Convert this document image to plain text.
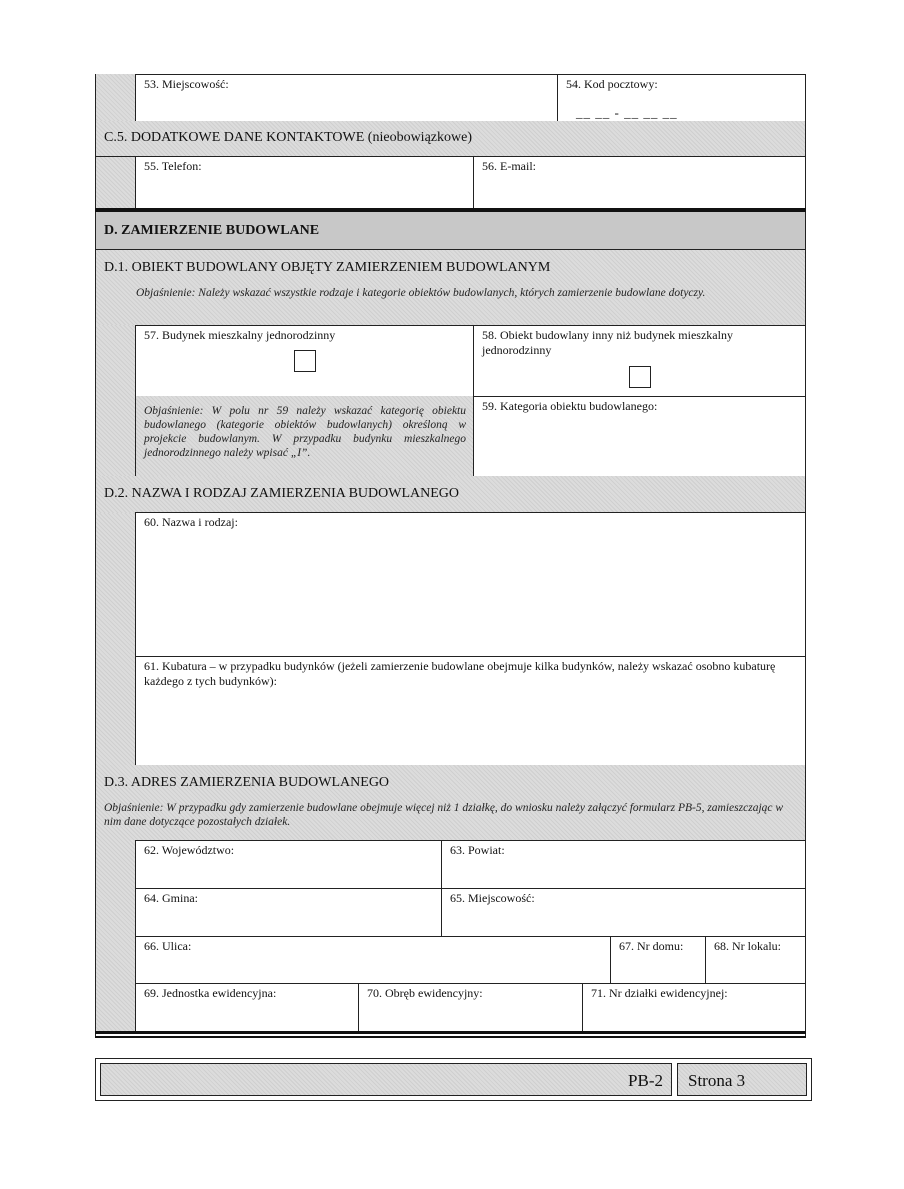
53. Miejscowość:	54. Kod pocztowy:
__ __ - __ __ __
C.5. DODATKOWE DANE KONTAKTOWE (nieobowiązkowe)
55. Telefon:	56. E-mail:
D. ZAMIERZENIE BUDOWLANE
D.1. OBIEKT BUDOWLANY OBJĘTY ZAMIERZENIEM BUDOWLANYM
Objaśnienie: Należy wskazać wszystkie rodzaje i kategorie obiektów budowlanych, których zamierzenie budowlane dotyczy.
57. Budynek mieszkalny jednorodzinny	58. Obiekt budowlany inny niż budynek mieszkalny jednorodzinny
Objaśnienie: W polu nr 59 należy wskazać kategorię obiektu budowlanego (kategorie obiektów budowlanych) określoną w projekcie budowlanym. W przypadku budynku mieszkalnego jednorodzinnego należy wpisać „I”.
59. Kategoria obiektu budowlanego:
D.2. NAZWA I RODZAJ ZAMIERZENIA BUDOWLANEGO
60. Nazwa i rodzaj:
61. Kubatura – w przypadku budynków (jeżeli zamierzenie budowlane obejmuje kilka budynków, należy wskazać osobno kubaturę każdego z tych budynków):
D.3. ADRES ZAMIERZENIA BUDOWLANEGO
Objaśnienie: W przypadku gdy zamierzenie budowlane obejmuje więcej niż 1 działkę, do wniosku należy załączyć formularz PB-5, zamieszczając w nim dane dotyczące pozostałych działek.
62. Województwo:	63. Powiat:
64. Gmina:	65. Miejscowość:
66. Ulica:	67. Nr domu:	68. Nr lokalu:
69. Jednostka ewidencyjna:	70. Obręb ewidencyjny:	71. Nr działki ewidencyjnej:
PB-2 Strona 3
